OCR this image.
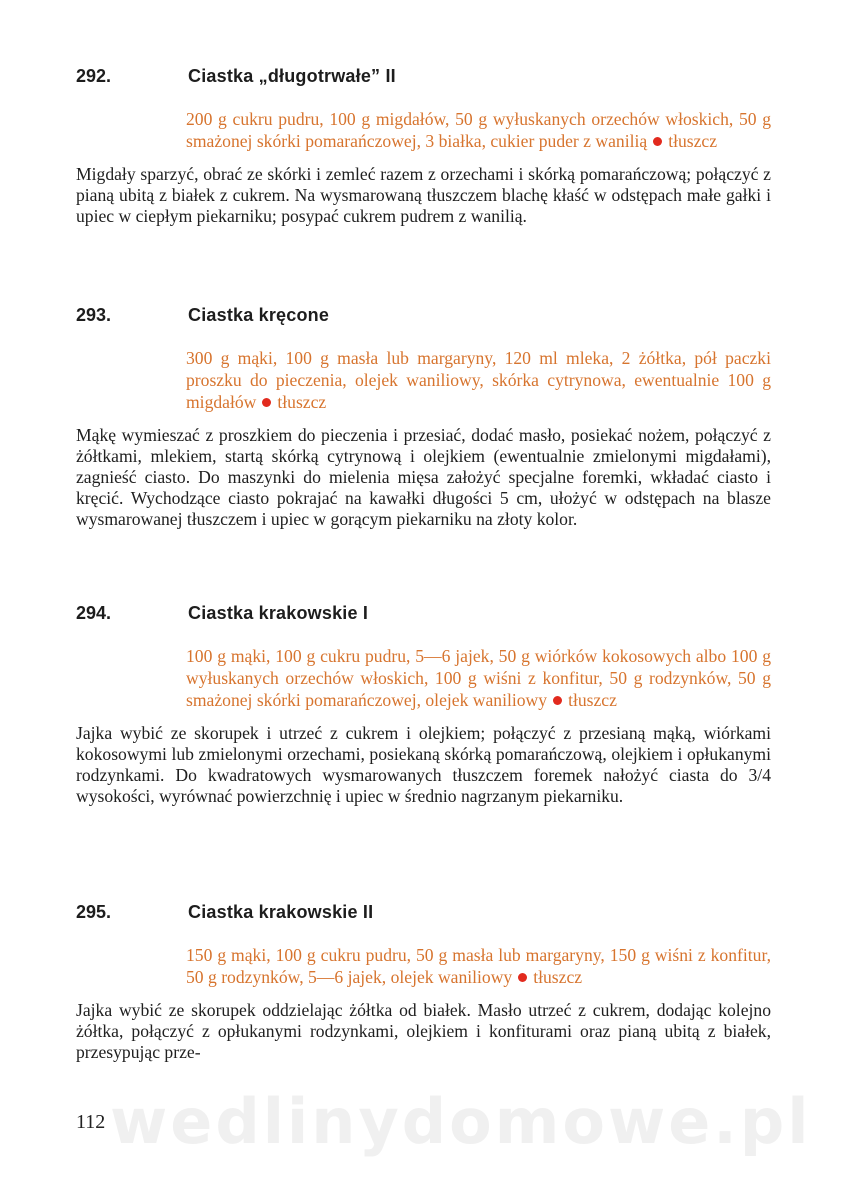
292.	Ciastka „długotrwałe” II
200 g cukru pudru, 100 g migdałów, 50 g wyłuskanych orzechów włoskich, 50 g smażonej skórki pomarańczowej, 3 białka, cukier puder z wanilią tłuszcz

Migdały sparzyć, obrać ze skórki i zemleć razem z orzechami i skórką pomarańczową; połączyć z pianą ubitą z białek z cukrem. Na wysmarowaną tłuszczem blachę kłaść w odstępach małe gałki i upiec w ciepłym piekarniku; posypać cukrem pudrem z wanilią.

293.	Ciastka kręcone
300 g mąki, 100 g masła lub margaryny, 120 ml mleka, 2 żółtka, pół paczki proszku do pieczenia, olejek waniliowy, skórka cytrynowa, ewentualnie 100 g migdałów tłuszcz

Mąkę wymieszać z proszkiem do pieczenia i przesiać, dodać masło, posiekać nożem, połączyć z żółtkami, mlekiem, startą skórką cytrynową i olejkiem (ewentualnie zmielonymi migdałami), zagnieść ciasto. Do maszynki do mielenia mięsa założyć specjalne foremki, wkładać ciasto i kręcić. Wychodzące ciasto pokrajać na kawałki długości 5 cm, ułożyć w odstępach na blasze wysmarowanej tłuszczem i upiec w gorącym piekarniku na złoty kolor.

294.	Ciastka krakowskie I
100 g mąki, 100 g cukru pudru, 5—6 jajek, 50 g wiórków kokosowych albo 100 g wyłuskanych orzechów włoskich, 100 g wiśni z konfitur, 50 g rodzynków, 50 g smażonej skórki pomarańczowej, olejek waniliowy tłuszcz

Jajka wybić ze skorupek i utrzeć z cukrem i olejkiem; połączyć z przesianą mąką, wiórkami kokosowymi lub zmielonymi orzechami, posiekaną skórką pomarańczową, olejkiem i opłukanymi rodzynkami. Do kwadratowych wysmarowanych tłuszczem foremek nałożyć ciasta do 3/4 wysokości, wyrównać powierzchnię i upiec w średnio nagrzanym piekarniku.

295.	Ciastka krakowskie II
150 g mąki, 100 g cukru pudru, 50 g masła lub margaryny, 150 g wiśni z konfitur, 50 g rodzynków, 5—6 jajek, olejek waniliowy tłuszcz

Jajka wybić ze skorupek oddzielając żółtka od białek. Masło utrzeć z cukrem, dodając kolejno żółtka, połączyć z opłukanymi rodzynkami, olejkiem i konfiturami oraz pianą ubitą z białek, przesypując prze-

wedlinydomowe.pl
112
